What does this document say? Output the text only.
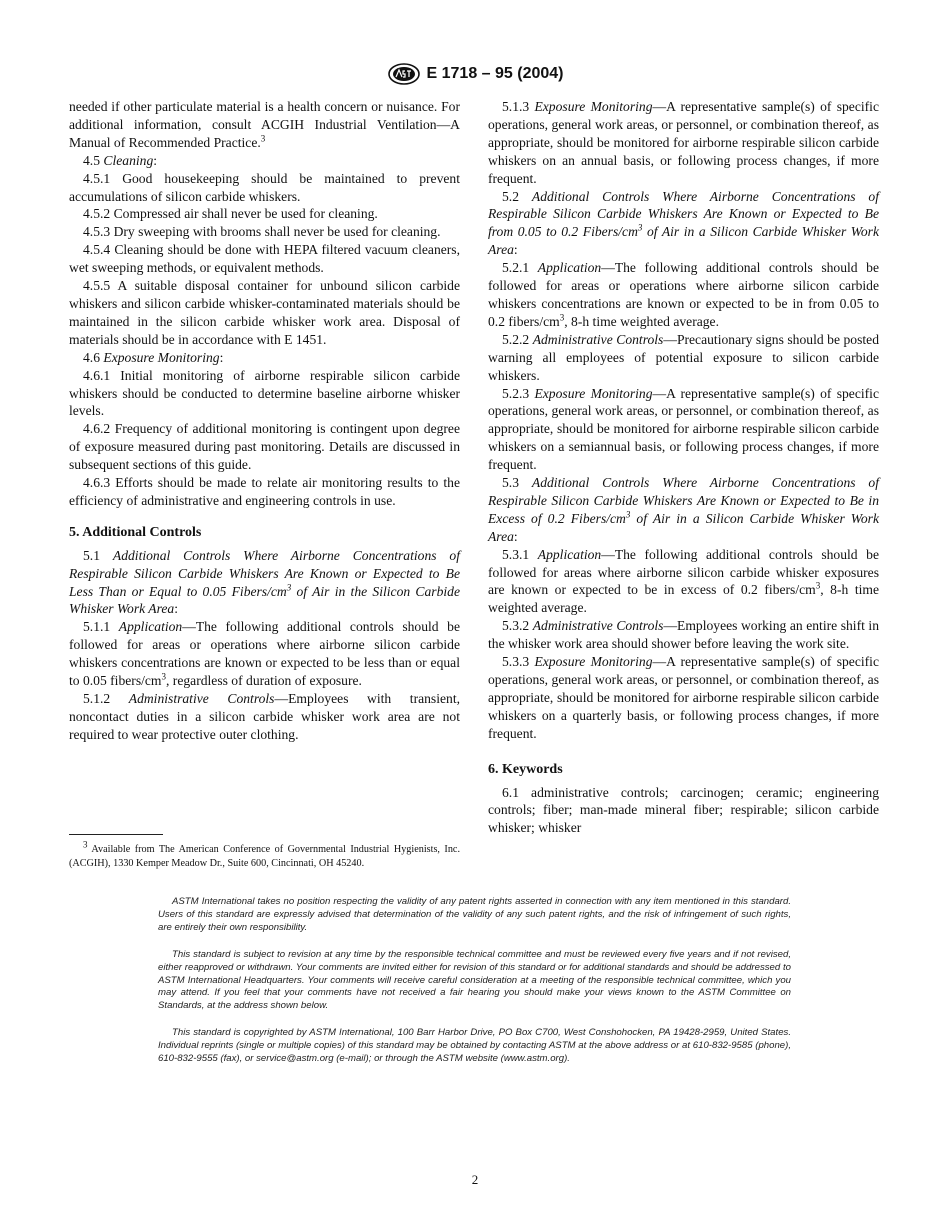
E 1718 – 95 (2004)

needed if other particulate material is a health concern or nuisance. For additional information, consult ACGIH Industrial Ventilation—A Manual of Recommended Practice.$^3$

4.5 Cleaning:

4.5.1 Good housekeeping should be maintained to prevent accumulations of silicon carbide whiskers.

4.5.2 Compressed air shall never be used for cleaning.

4.5.3 Dry sweeping with brooms shall never be used for cleaning.

4.5.4 Cleaning should be done with HEPA filtered vacuum cleaners, wet sweeping methods, or equivalent methods.

4.5.5 A suitable disposal container for unbound silicon carbide whiskers and silicon carbide whisker-contaminated materials should be maintained in the silicon carbide whisker work area. Disposal of materials should be in accordance with E 1451.

4.6 Exposure Monitoring:

4.6.1 Initial monitoring of airborne respirable silicon carbide whiskers should be conducted to determine baseline airborne whisker levels.

4.6.2 Frequency of additional monitoring is contingent upon degree of exposure measured during past monitoring. Details are discussed in subsequent sections of this guide.

4.6.3 Efforts should be made to relate air monitoring results to the efficiency of administrative and engineering controls in use.

5. Additional Controls

5.1 Additional Controls Where Airborne Concentrations of Respirable Silicon Carbide Whiskers Are Known or Expected to Be Less Than or Equal to 0.05 Fibers/$cm^3$ of Air in the Silicon Carbide Whisker Work Area:

5.1.1 Application—The following additional controls should be followed for areas or operations where airborne silicon carbide whiskers concentrations are known or expected to be less than or equal to 0.05 fibers/$cm^3$, regardless of duration of exposure.

5.1.2 Administrative Controls—Employees with transient, noncontact duties in a silicon carbide whisker work area are not required to wear protective outer clothing.

5.1.3 Exposure Monitoring—A representative sample(s) of specific operations, general work areas, or personnel, or combination thereof, as appropriate, should be monitored for airborne respirable silicon carbide whiskers on an annual basis, or following process changes, if more frequent.

5.2 Additional Controls Where Airborne Concentrations of Respirable Silicon Carbide Whiskers Are Known or Expected to Be from 0.05 to 0.2 Fibers/$cm^3$ of Air in a Silicon Carbide Whisker Work Area:

5.2.1 Application—The following additional controls should be followed for areas or operations where airborne silicon carbide whiskers concentrations are known or expected to be in from 0.05 to 0.2 fibers/$cm^3$, 8-h time weighted average.

5.2.2 Administrative Controls—Precautionary signs should be posted warning all employees of potential exposure to silicon carbide whiskers.

5.2.3 Exposure Monitoring—A representative sample(s) of specific operations, general work areas, or personnel, or combination thereof, as appropriate, should be monitored for airborne respirable silicon carbide whiskers on a semiannual basis, or following process changes, if more frequent.

5.3 Additional Controls Where Airborne Concentrations of Respirable Silicon Carbide Whiskers Are Known or Expected to Be in Excess of 0.2 Fibers/$cm^3$ of Air in a Silicon Carbide Whisker Work Area:

5.3.1 Application—The following additional controls should be followed for areas where airborne silicon carbide whisker exposures are known or expected to be in excess of 0.2 fibers/$cm^3$, 8-h time weighted average.

5.3.2 Administrative Controls—Employees working an entire shift in the whisker work area should shower before leaving the work site.

5.3.3 Exposure Monitoring—A representative sample(s) of specific operations, general work areas, or personnel, or combination thereof, as appropriate, should be monitored for airborne respirable silicon carbide whiskers on a quarterly basis, or following process changes, if more frequent.

6. Keywords

6.1 administrative controls; carcinogen; ceramic; engineering controls; fiber; man-made mineral fiber; respirable; silicon carbide whisker; whisker

$^3$ Available from The American Conference of Governmental Industrial Hygienists, Inc. (ACGIH), 1330 Kemper Meadow Dr., Suite 600, Cincinnati, OH 45240.

ASTM International takes no position respecting the validity of any patent rights asserted in connection with any item mentioned in this standard. Users of this standard are expressly advised that determination of the validity of any such patent rights, and the risk of infringement of such rights, are entirely their own responsibility.

This standard is subject to revision at any time by the responsible technical committee and must be reviewed every five years and if not revised, either reapproved or withdrawn. Your comments are invited either for revision of this standard or for additional standards and should be addressed to ASTM International Headquarters. Your comments will receive careful consideration at a meeting of the responsible technical committee, which you may attend. If you feel that your comments have not received a fair hearing you should make your views known to the ASTM Committee on Standards, at the address shown below.

This standard is copyrighted by ASTM International, 100 Barr Harbor Drive, PO Box C700, West Conshohocken, PA 19428-2959, United States. Individual reprints (single or multiple copies) of this standard may be obtained by contacting ASTM at the above address or at 610-832-9585 (phone), 610-832-9555 (fax), or service@astm.org (e-mail); or through the ASTM website (www.astm.org).

2
